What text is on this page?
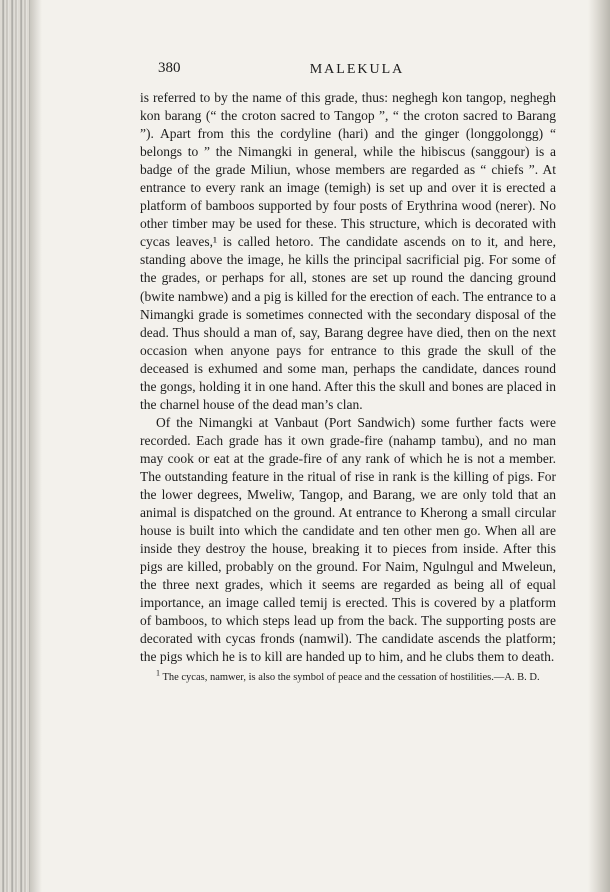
380	MALEKULA

is referred to by the name of this grade, thus: neghegh kon tangop, neghegh kon barang (“ the croton sacred to Tangop ”, “ the croton sacred to Barang ”). Apart from this the cordyline (hari) and the ginger (longgolongg) “ belongs to ” the Nimangki in general, while the hibiscus (sanggour) is a badge of the grade Miliun, whose members are regarded as “ chiefs ”. At entrance to every rank an image (temigh) is set up and over it is erected a platform of bamboos supported by four posts of Erythrina wood (nerer). No other timber may be used for these. This structure, which is decorated with cycas leaves,¹ is called hetoro. The candidate ascends on to it, and here, standing above the image, he kills the principal sacrificial pig. For some of the grades, or perhaps for all, stones are set up round the dancing ground (bwite nambwe) and a pig is killed for the erection of each. The entrance to a Nimangki grade is sometimes connected with the secondary disposal of the dead. Thus should a man of, say, Barang degree have died, then on the next occasion when anyone pays for entrance to this grade the skull of the deceased is exhumed and some man, perhaps the candidate, dances round the gongs, holding it in one hand. After this the skull and bones are placed in the charnel house of the dead man’s clan.

Of the Nimangki at Vanbaut (Port Sandwich) some further facts were recorded. Each grade has it own grade-fire (nahamp tambu), and no man may cook or eat at the grade-fire of any rank of which he is not a member. The outstanding feature in the ritual of rise in rank is the killing of pigs. For the lower degrees, Mweliw, Tangop, and Barang, we are only told that an animal is dispatched on the ground. At entrance to Kherong a small circular house is built into which the candidate and ten other men go. When all are inside they destroy the house, breaking it to pieces from inside. After this pigs are killed, probably on the ground. For Naim, Ngulngul and Mweleun, the three next grades, which it seems are regarded as being all of equal importance, an image called temij is erected. This is covered by a platform of bamboos, to which steps lead up from the back. The supporting posts are decorated with cycas fronds (namwil). The candidate ascends the platform; the pigs which he is to kill are handed up to him, and he clubs them to death.

$^1$ The cycas, namwer, is also the symbol of peace and the cessation of hostilities.—A. B. D.
